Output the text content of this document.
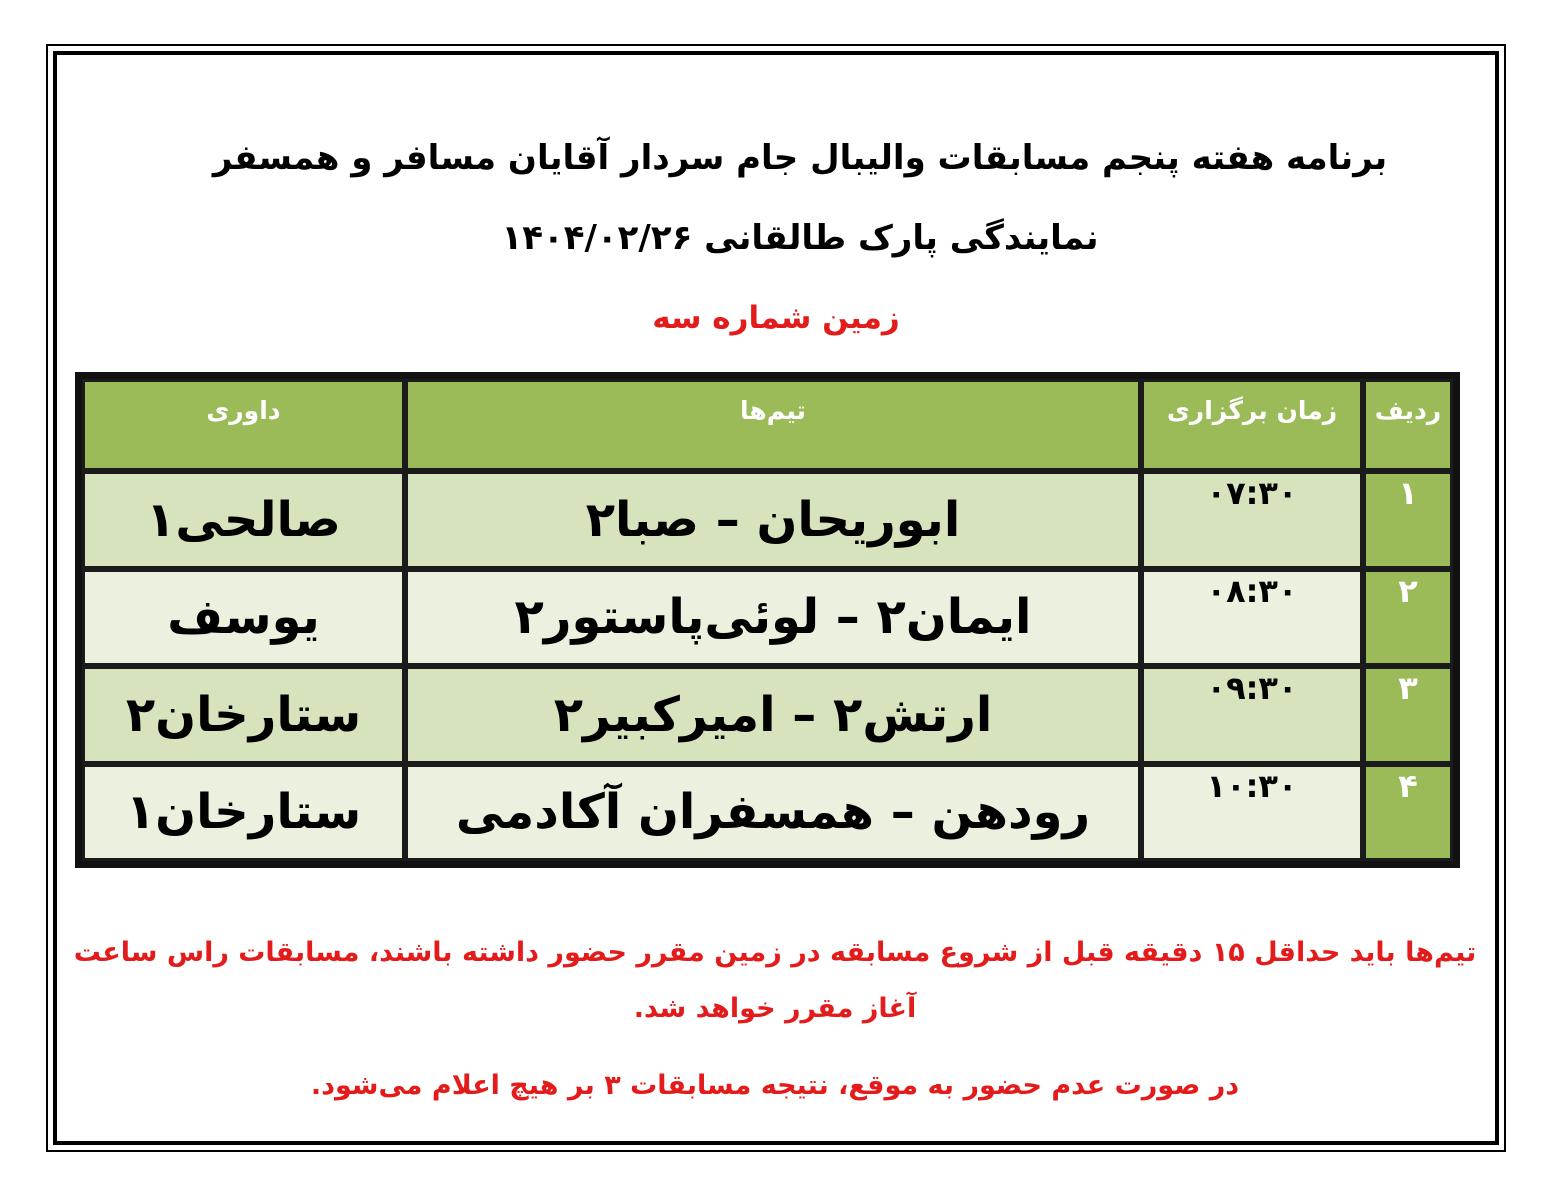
برنامه هفته پنجم مسابقات والیبال جام سردار آقایان مسافر و همسفر
نمایندگی پارک طالقانی ۱۴۰۴/۰۲/۲۶
زمین شماره سه
ردیف	زمان برگزاری	تیم‌ها	داوری
۱	۰۷:۳۰	ابوریحان – صبا۲	صالحی۱
۲	۰۸:۳۰	ایمان۲ – لوئی‌پاستور۲	یوسف
۳	۰۹:۳۰	ارتش۲ – امیرکبیر۲	ستارخان۲
۴	۱۰:۳۰	رودهن – همسفران آکادمی	ستارخان۱
تیم‌ها باید حداقل ۱۵ دقیقه قبل از شروع مسابقه در زمین مقرر حضور داشته باشند، مسابقات راس ساعت آغاز مقرر خواهد شد.
در صورت عدم حضور به موقع، نتیجه مسابقات ۳ بر هیچ اعلام می‌شود.
